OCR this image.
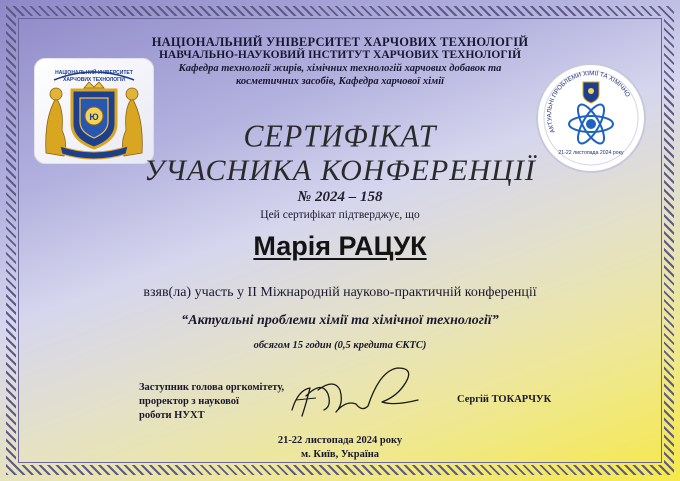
НАЦІОНАЛЬНИЙ УНІВЕРСИТЕТ
ХАРЧОВИХ ТЕХНОЛОГІЙ
Ю
АКТУАЛЬНІ ПРОБЛЕМИ ХІМІЇ ТА ХІМІЧНО
21-22 листопада 2024 року
НАЦІОНАЛЬНИЙ УНІВЕРСИТЕТ ХАРЧОВИХ ТЕХНОЛОГІЙ
НАВЧАЛЬНО-НАУКОВИЙ ІНСТИТУТ ХАРЧОВИХ ТЕХНОЛОГІЙ
Кафедра технології жирів, хімічних технологій харчових добавок та
косметичних засобів, Кафедра харчової хімії
СЕРТИФІКАТ
УЧАСНИКА КОНФЕРЕНЦІЇ
№ 2024 – 158
Цей сертифікат підтверджує, що
Марія РАЦУК
взяв(ла) участь у ІІ Міжнародній науково-практичній конференції
“Актуальні проблеми хімії та хімічної технології”
обсягом 15 годин (0,5 кредита ЄКТС)
Заступник голова оргкомітету,
проректор з наукової
роботи НУХТ
Сергій ТОКАРЧУК
21-22 листопада 2024 року
м. Київ, Україна
